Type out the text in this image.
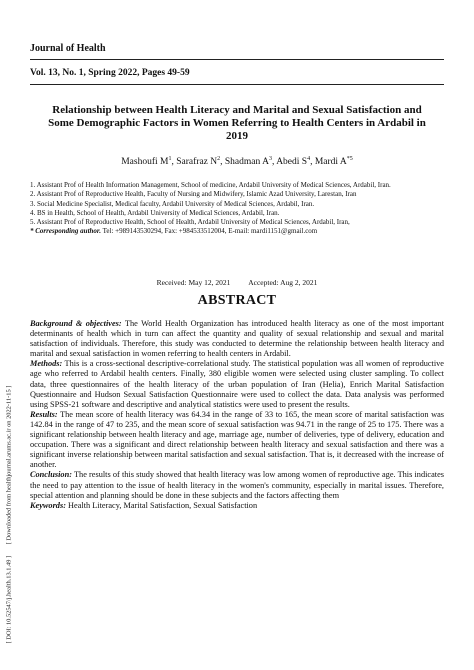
Journal of Health
Vol. 13, No. 1, Spring 2022, Pages 49-59
Relationship between Health Literacy and Marital and Sexual Satisfaction and Some Demographic Factors in Women Referring to Health Centers in Ardabil in 2019
Mashoufi $M^1$, Sarafraz $N^2$, Shadman $A^3$, Abedi $S^4$, Mardi $A^{*5}$
1. Assistant Prof of Health Information Management, School of medicine, Ardabil University of Medical Sciences, Ardabil, Iran.
2. Assistant Prof of Reproductive Health, Faculty of Nursing and Midwifery, Islamic Azad University, Larestan, Iran
3. Social Medicine Specialist, Medical faculty, Ardabil University of Medical Sciences, Ardabil, Iran.
4. BS in Health, School of Health, Ardabil University of Medical Sciences, Ardabil, Iran.
5. Assistant Prof of Reproductive Health, School of Health, Ardabil University of Medical Sciences, Ardabil, Iran,
* Corresponding author. Tel: +989143530294, Fax: +984533512004, E-mail: mardi1151@gmail.com
Received: May 12, 2021 Accepted: Aug 2, 2021
ABSTRACT

Background & objectives: The World Health Organization has introduced health literacy as one of the most important determinants of health which in turn can affect the quantity and quality of sexual relationship and sexual and marital satisfaction of individuals. Therefore, this study was conducted to determine the relationship between health literacy and marital and sexual satisfaction in women referring to health centers in Ardabil.

Methods: This is a cross-sectional descriptive-correlational study. The statistical population was all women of reproductive age who referred to Ardabil health centers. Finally, 380 eligible women were selected using cluster sampling. To collect data, three questionnaires of the health literacy of the urban population of Iran (Helia), Enrich Marital Satisfaction Questionnaire and Hudson Sexual Satisfaction Questionnaire were used to collect the data. Data analysis was performed using SPSS-21 software and descriptive and analytical statistics were used to present the results.

Results: The mean score of health literacy was 64.34 in the range of 33 to 165, the mean score of marital satisfaction was 142.84 in the range of 47 to 235, and the mean score of sexual satisfaction was 94.71 in the range of 25 to 175. There was a significant relationship between health literacy and age, marriage age, number of deliveries, type of delivery, education and occupation. There was a significant and direct relationship between health literacy and sexual satisfaction and there was a significant inverse relationship between marital satisfaction and sexual satisfaction. That is, it decreased with the increase of another.

Conclusion: The results of this study showed that health literacy was low among women of reproductive age. This indicates the need to pay attention to the issue of health literacy in the women's community, especially in marital issues. Therefore, special attention and planning should be done in these subjects and the factors affecting them

Keywords: Health Literacy, Marital Satisfaction, Sexual Satisfaction

[ DOI: 10.52547/j.health.13.1.49 ] [ Downloaded from healthjournal.arums.ac.ir on 2022-11-15 ]
